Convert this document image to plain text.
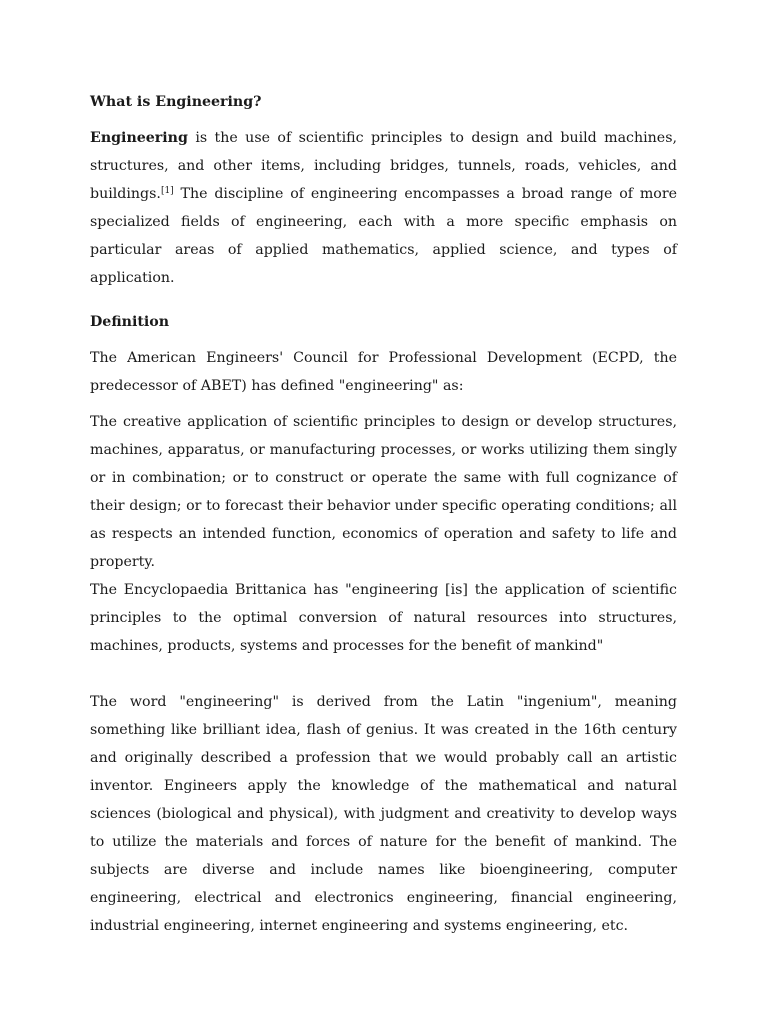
What is Engineering?

Engineering is the use of scientific principles to design and build machines, structures, and other items, including bridges, tunnels, roads, vehicles, and buildings.[1] The discipline of engineering encompasses a broad range of more specialized fields of engineering, each with a more specific emphasis on particular areas of applied mathematics, applied science, and types of application.

Definition

The American Engineers' Council for Professional Development (ECPD, the predecessor of ABET) has defined "engineering" as:

The creative application of scientific principles to design or develop structures, machines, apparatus, or manufacturing processes, or works utilizing them singly or in combination; or to construct or operate the same with full cognizance of their design; or to forecast their behavior under specific operating conditions; all as respects an intended function, economics of operation and safety to life and property.

The Encyclopaedia Brittanica has "engineering [is] the application of scientific principles to the optimal conversion of natural resources into structures, machines, products, systems and processes for the benefit of mankind"

The word "engineering" is derived from the Latin "ingenium", meaning something like brilliant idea, flash of genius. It was created in the 16th century and originally described a profession that we would probably call an artistic inventor. Engineers apply the knowledge of the mathematical and natural sciences (biological and physical), with judgment and creativity to develop ways to utilize the materials and forces of nature for the benefit of mankind. The subjects are diverse and include names like bioengineering, computer engineering, electrical and electronics engineering, financial engineering, industrial engineering, internet engineering and systems engineering, etc.
